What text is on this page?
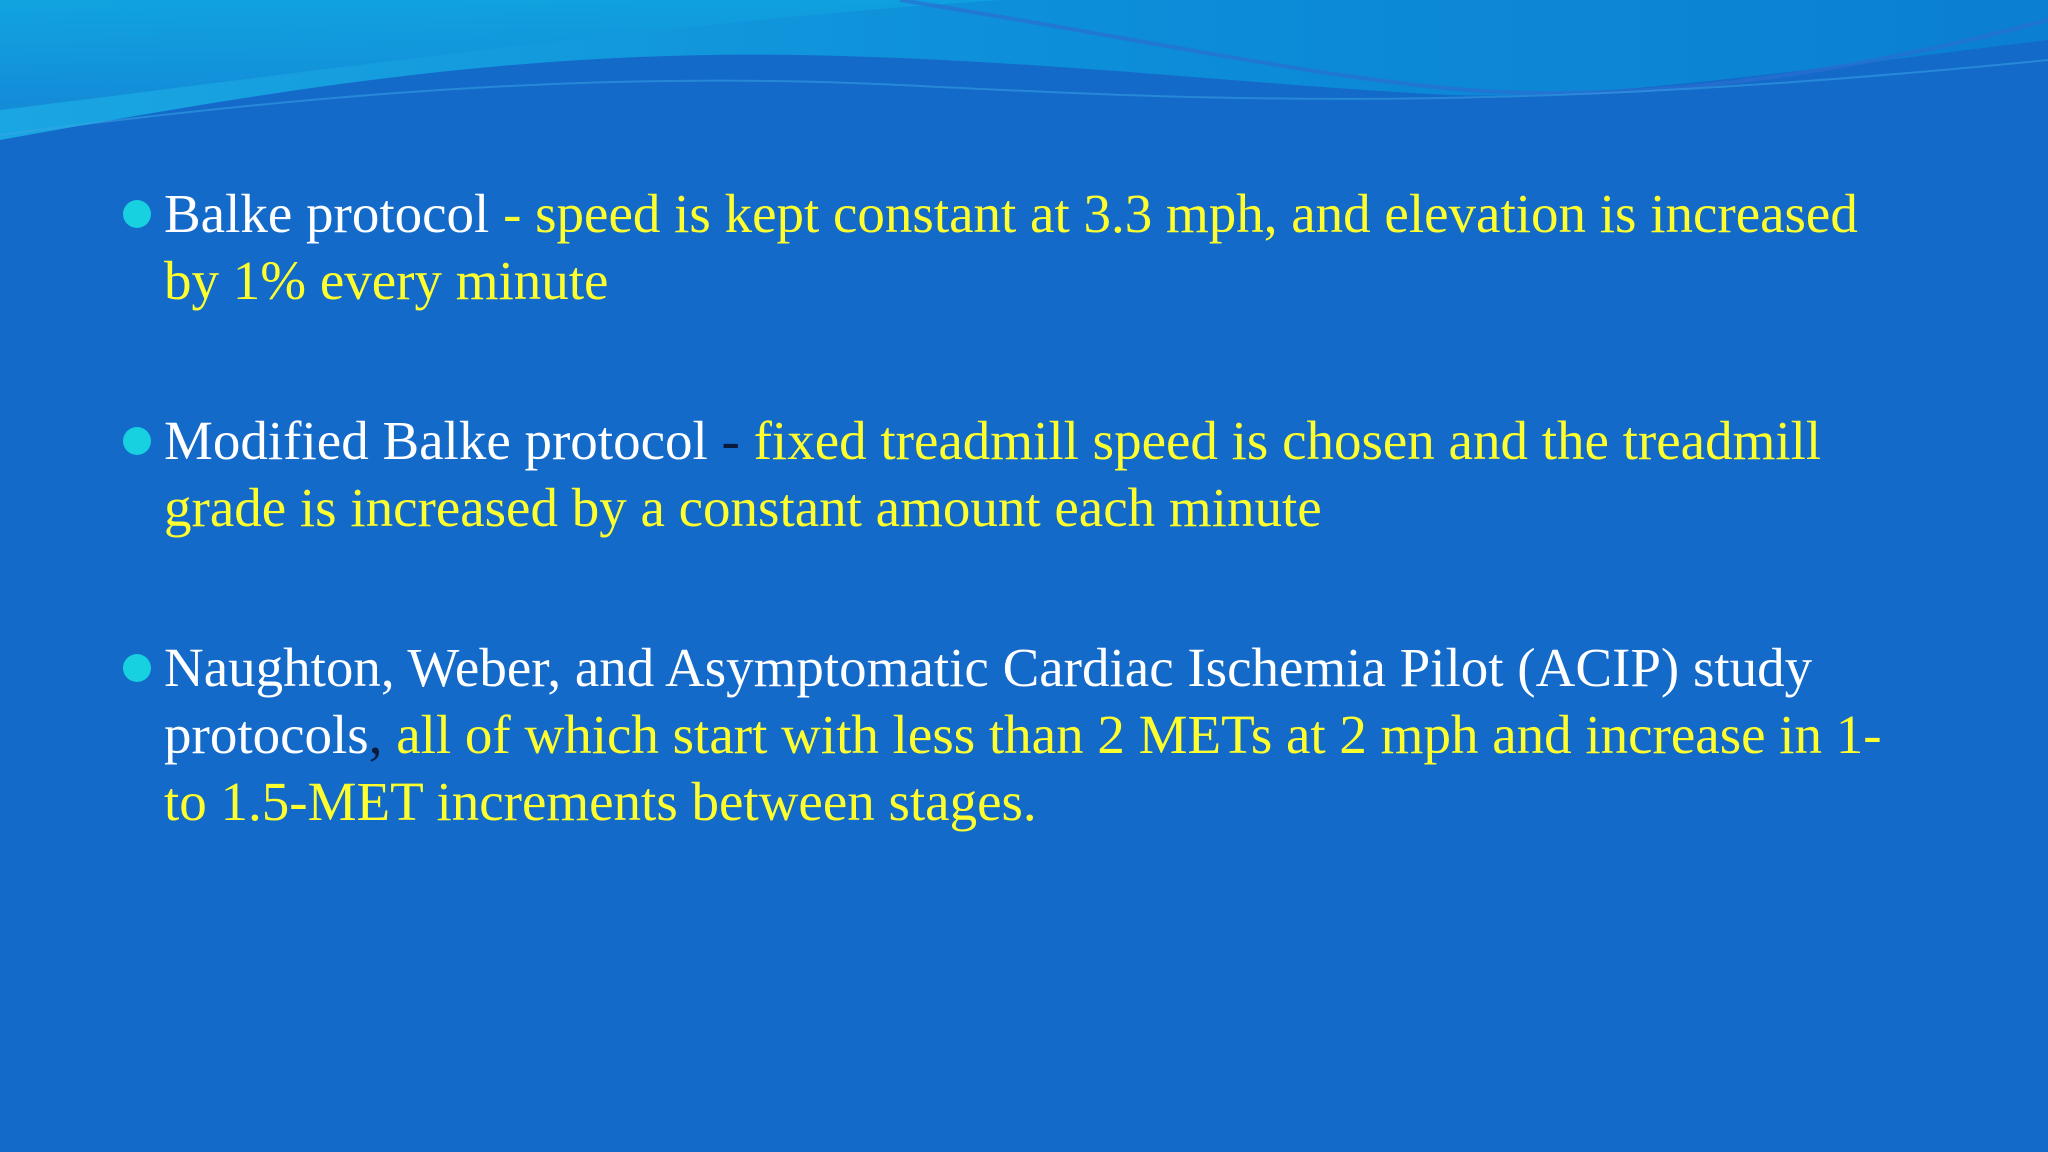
Balke protocol - speed is kept constant at 3.3 mph, and elevation is increased by 1% every minute
Modified Balke protocol - fixed treadmill speed is chosen and the treadmill grade is increased by a constant amount each minute
Naughton, Weber, and Asymptomatic Cardiac Ischemia Pilot (ACIP) study protocols, all of which start with less than 2 METs at 2 mph and increase in 1- to 1.5-MET increments between stages.
